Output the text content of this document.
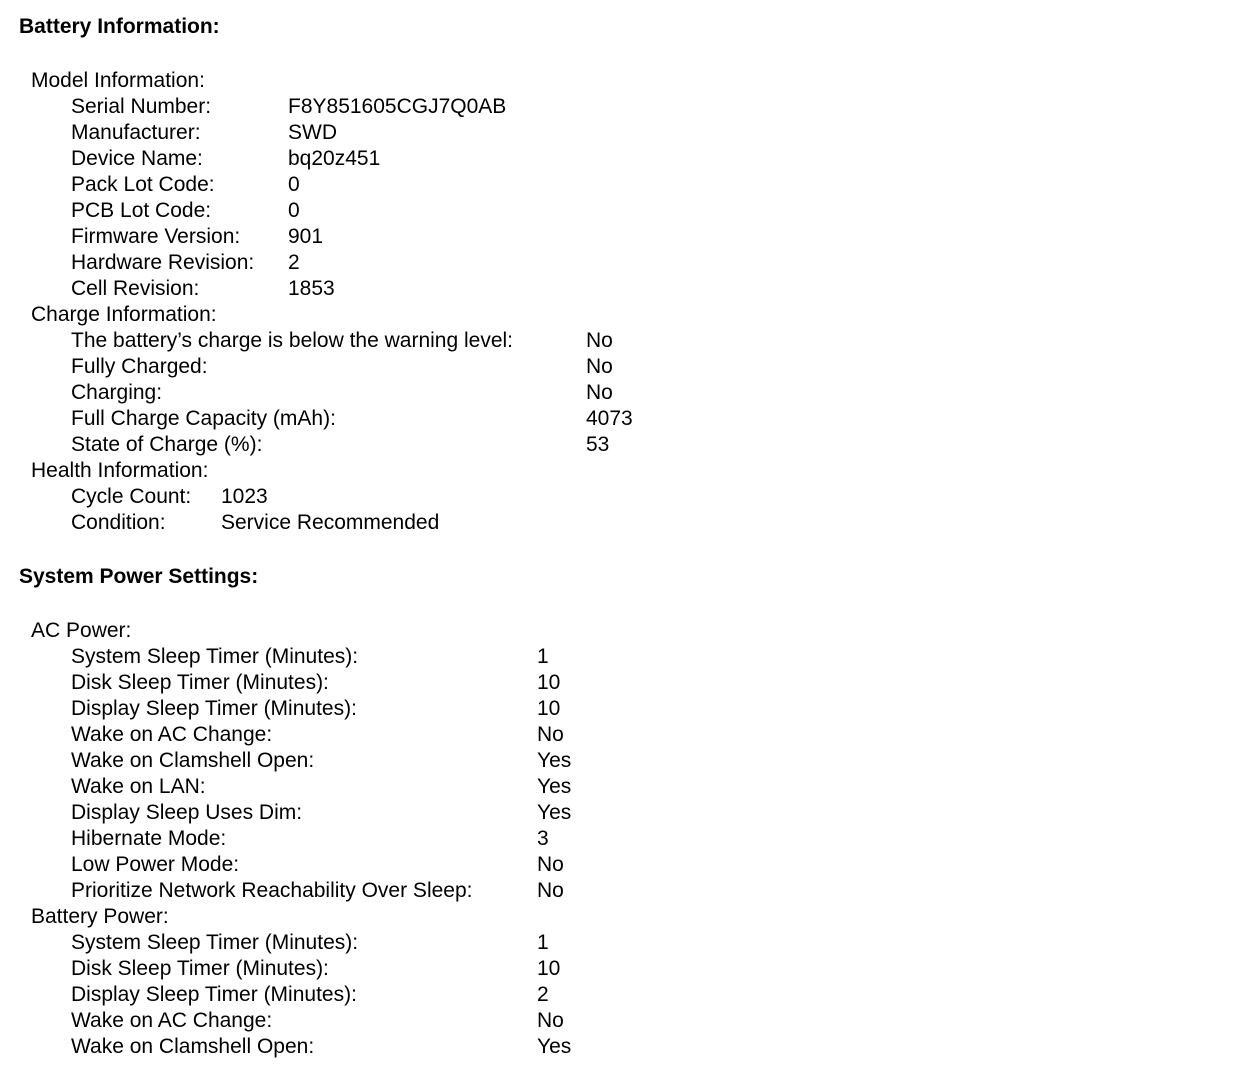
Battery Information:
Model Information:
Serial Number:	F8Y851605CGJ7Q0AB
Manufacturer:	SWD
Device Name:	bq20z451
Pack Lot Code:	0
PCB Lot Code:	0
Firmware Version: 901
Hardware Revision: 2
Cell Revision:	1853
Charge Information:
The battery’s charge is below the warning level:	No
Fully Charged:	No
Charging:	No
Full Charge Capacity (mAh):	4073
State of Charge (%):	53
Health Information:
Cycle Count: 1023
Condition:	Service Recommended
System Power Settings:
AC Power:
System Sleep Timer (Minutes):	1
Disk Sleep Timer (Minutes):	10
Display Sleep Timer (Minutes):	10
Wake on AC Change:	No
Wake on Clamshell Open:	Yes
Wake on LAN:	Yes
Display Sleep Uses Dim:	Yes
Hibernate Mode:	3
Low Power Mode:	No
Prioritize Network Reachability Over Sleep:	No
Battery Power:
System Sleep Timer (Minutes):	1
Disk Sleep Timer (Minutes):	10
Display Sleep Timer (Minutes):	2
Wake on AC Change:	No
Wake on Clamshell Open:	Yes
